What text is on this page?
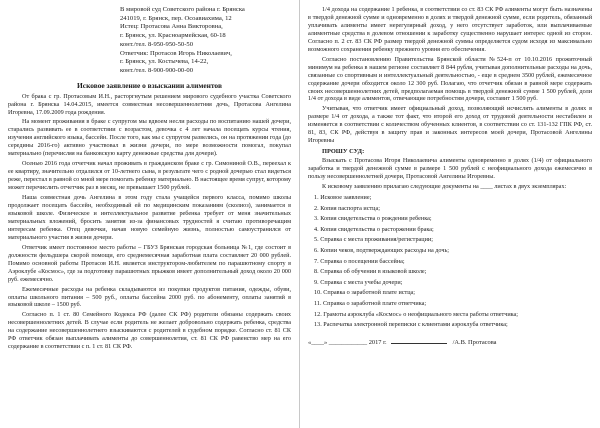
В мировой суд Советского района г. Брянска
241019, г. Брянск, пер. Осоавиахима, 12
Истец: Протасова Анна Викторовна,
г. Брянск, ул. Красноармейская, 60-18
конт./тел. 8-950-950-50-50
Ответчик: Протасов Игорь Николаевич,
г. Брянск, ул. Костычева, 14-22,
конт./тел. 8-900-900-00-00
Исковое заявление о взыскании алиментов

От брака с гр. Протасовым И.Н., расторгнутым решением мирового судебного участка Советского района г. Брянска 14.04.2015, имеется совместная несовершеннолетняя дочь, Протасова Ангелина Игоревна, 17.09.2009 года рождения.

На момент проживания в браке с супругом мы вдвоем несли расходы по воспитанию нашей дочери, старались развивать ее в соответствии с возрастом, девочка с 4 лет начала посещать курсы чтения, изучения английского языка, бассейн. После того, как мы с супругом развелись, он на протяжении года (до середины 2016-го) активно участвовал в жизни дочери, по мере возможности помогал, покупал материально (перечисляя на банковскую карту денежные средства для дочери).

Осенью 2016 года отчетчик начал проживать в гражданском браке с гр. Симониной О.В., переехал к ее квартиру, значительно отдалился от 10-летнего сына, в результате чего с родной дочерью стал видеться реже, перестал в равной со мной мере помогать ребенку материально. В настоящее время супруг, которому может перечислить отчетчик раз в месяц, не превышает 1500 рублей.

Наша совместная дочь Ангелина в этом году стала учащейся первого класса, помимо школы продолжает посещать бассейн, необходимый ей по медицинским показаниям (сколиоз), занимается в языковой школе. Физическое и интеллектуальное развитие ребенка требует от меня значительных материальных вложений, бросить занятия из-за финансовых трудностей я считаю противоречащим интересам ребенка. Отец девочки, начав новую семейную жизнь, полностью самоустранился от материального участия в жизни дочери.

Ответчик имеет постоянное место работы – ГБУЗ Брянская городская больница №1, где состоит в должности фельдшера скорой помощи, его среднемесячная заработная плата составляет 20 000 рублей. Помимо основной работы Протасов И.Н. является инструктором-любителем по парашютному спорту в Аэроклубе «Космос», где за подготовку парашютных прыжков имеет дополнительный доход около 20 000 руб. ежемесячно.

Ежемесячные расходы на ребенка складываются из покупки продуктов питания, одежды, обуви, оплаты школьного питания – 500 руб., оплаты бассейна 2000 руб. по абонементу, оплаты занятий в языковой школе – 1500 руб.

Согласно п. 1 ст. 80 Семейного Кодекса РФ (далее СК РФ) родители обязаны содержать своих несовершеннолетних детей. В случае если родитель не желает добровольно содержать ребенка, средства на содержание несовершеннолетнего взыскиваются с родителей в судебном порядке. Согласно ст. 81 СК РФ ответчик обязан выплачивать алименты до совершеннолетия, ст. 81 СК РФ равенство мер на его содержание в соответствии с п. 1 ст. 81 СК РФ.

1/4 дохода на содержание 1 ребенка, в соответствии со ст. 83 СК РФ алименты могут быть назначены в твердой денежной сумме и одновременно в долях и твердой денежной сумме, если родитель, обязанный уплачивать алименты имеет нерегулярный доход, у него отсутствует заработок, или выплачиваемые алиментные средства в долевом отношении к заработку существенно нарушает интерес одной из сторон. Согласно п. 2 ст. 83 СК РФ размер твердой денежной суммы определяется судом исходя из максимально возможного сохранения ребенку прежнего уровня его обеспечения.

Согласно постановлению Правительства Брянской области №524-п от 10.10.2016 прожиточный минимум на ребенка в нашем регионе составляет 8 844 рубля, учитывая дополнительные расходы на дочь, связанные со спортивным и интеллектуальный деятельностью, - еще в среднем 3500 рублей, ежемесячное содержание дочери обходится около 12 300 руб. Полагаю, что отчетчик обязан в равной мере содержать своих несовершеннолетних детей, предполагаемая помощь в твердой денежной сумме 1 500 рублей, доли 1/4 от дохода в виде алиментов, отвечающие потребностям дочери, составит 1 500 руб.

Учитывая, что ответчик имеет официальный доход, позволяющий исчислять алименты в долях в размере 1/4 от дохода, а также тот факт, что второй его доход от трудовой деятельности нестабилен и изменяется в соответствии с количеством обученных клиентов, в соответствии со ст. 131-132 ГПК РФ, ст. 81, 83, СК РФ, действуя в защиту прав и законных интересов моей дочери, Протасовой Ангелины Игоревны

ПРОШУ СУД:

Взыскать с Протасова Игоря Николаевича алименты одновременно в долях (1/4) от официального заработка и твердой денежной сумме в размере 1 500 рублей с неофициального дохода ежемесячно в пользу несовершеннолетней дочери, Протасовой Ангелины Игоревны.

К исковому заявлению прилагаю следующие документы на ____ листах в двух экземплярах:

1. Исковое заявление;
2. Копия паспорта истца;
3. Копия свидетельства о рождении ребенка;
4. Копия свидетельства о расторжении брака;
5. Справка с места проживания/регистрации;
6. Копии чеков, подтверждающих расходы на дочь;
7. Справка о посещении бассейна;
8. Справка об обучении в языковой школе;
9. Справка с места учебы дочери;
10. Справка о заработной плате истца;
11. Справка о заработной плате ответчика;
12. Грамоты аэроклуба «Космос» о неофициального места работы ответчика;
13. Распечатка электронной переписки с клиентами аэроклуба ответчика;
«____» ____________ 2017 г.	/А.В. Протасова
